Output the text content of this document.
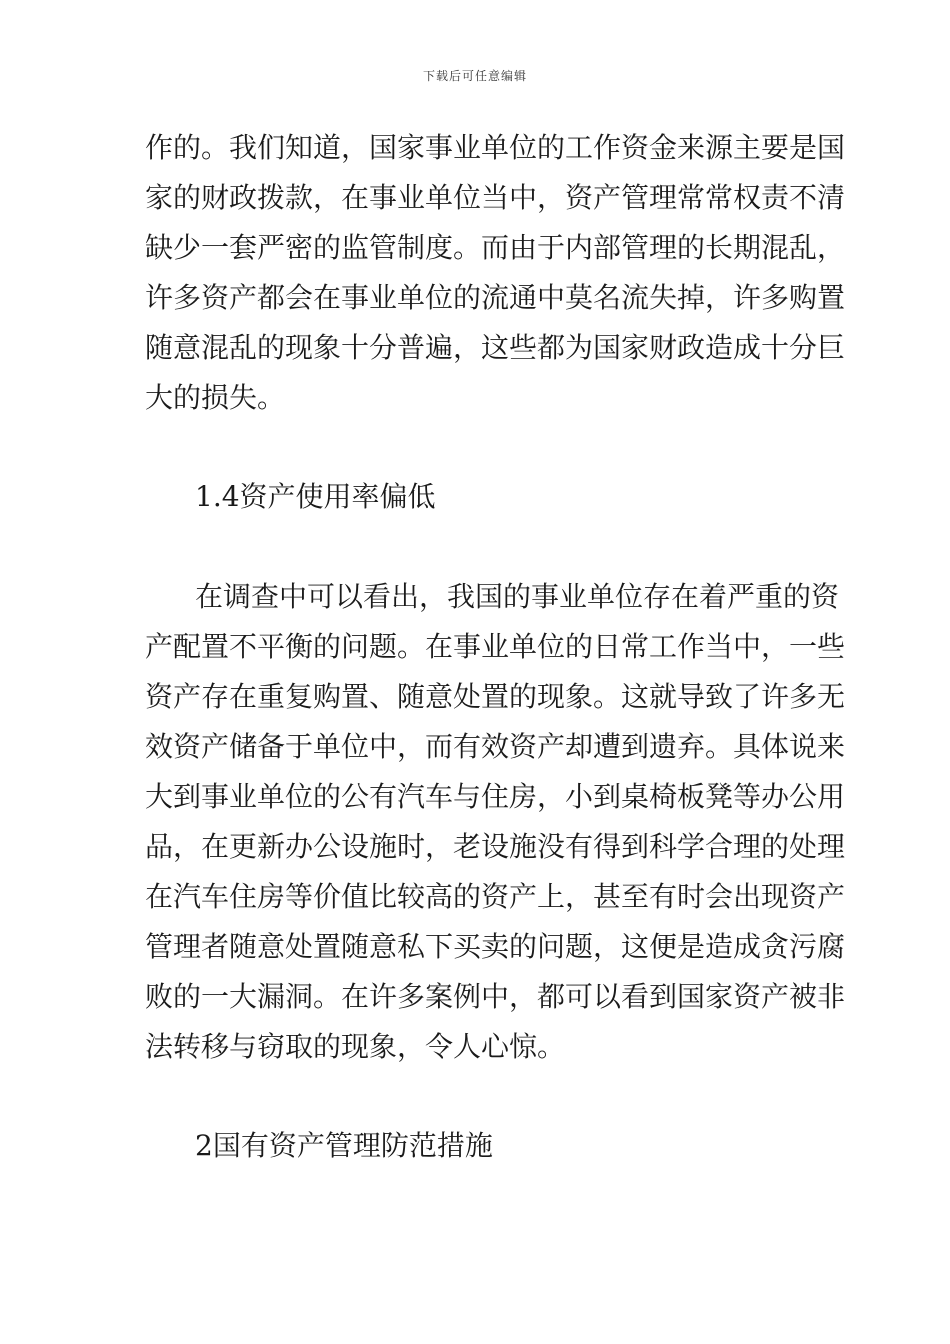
下载后可任意编辑
作的。我们知道，国家事业单位的工作资金来源主要是国
家的财政拨款，在事业单位当中，资产管理常常权责不清
缺少一套严密的监管制度。而由于内部管理的长期混乱，
许多资产都会在事业单位的流通中莫名流失掉，许多购置
随意混乱的现象十分普遍，这些都为国家财政造成十分巨
大的损失。
1.4资产使用率偏低
在调查中可以看出，我国的事业单位存在着严重的资
产配置不平衡的问题。在事业单位的日常工作当中，一些
资产存在重复购置、随意处置的现象。这就导致了许多无
效资产储备于单位中，而有效资产却遭到遗弃。具体说来
大到事业单位的公有汽车与住房，小到桌椅板凳等办公用
品，在更新办公设施时，老设施没有得到科学合理的处理
在汽车住房等价值比较高的资产上，甚至有时会出现资产
管理者随意处置随意私下买卖的问题，这便是造成贪污腐
败的一大漏洞。在许多案例中，都可以看到国家资产被非
法转移与窃取的现象，令人心惊。
2国有资产管理防范措施
